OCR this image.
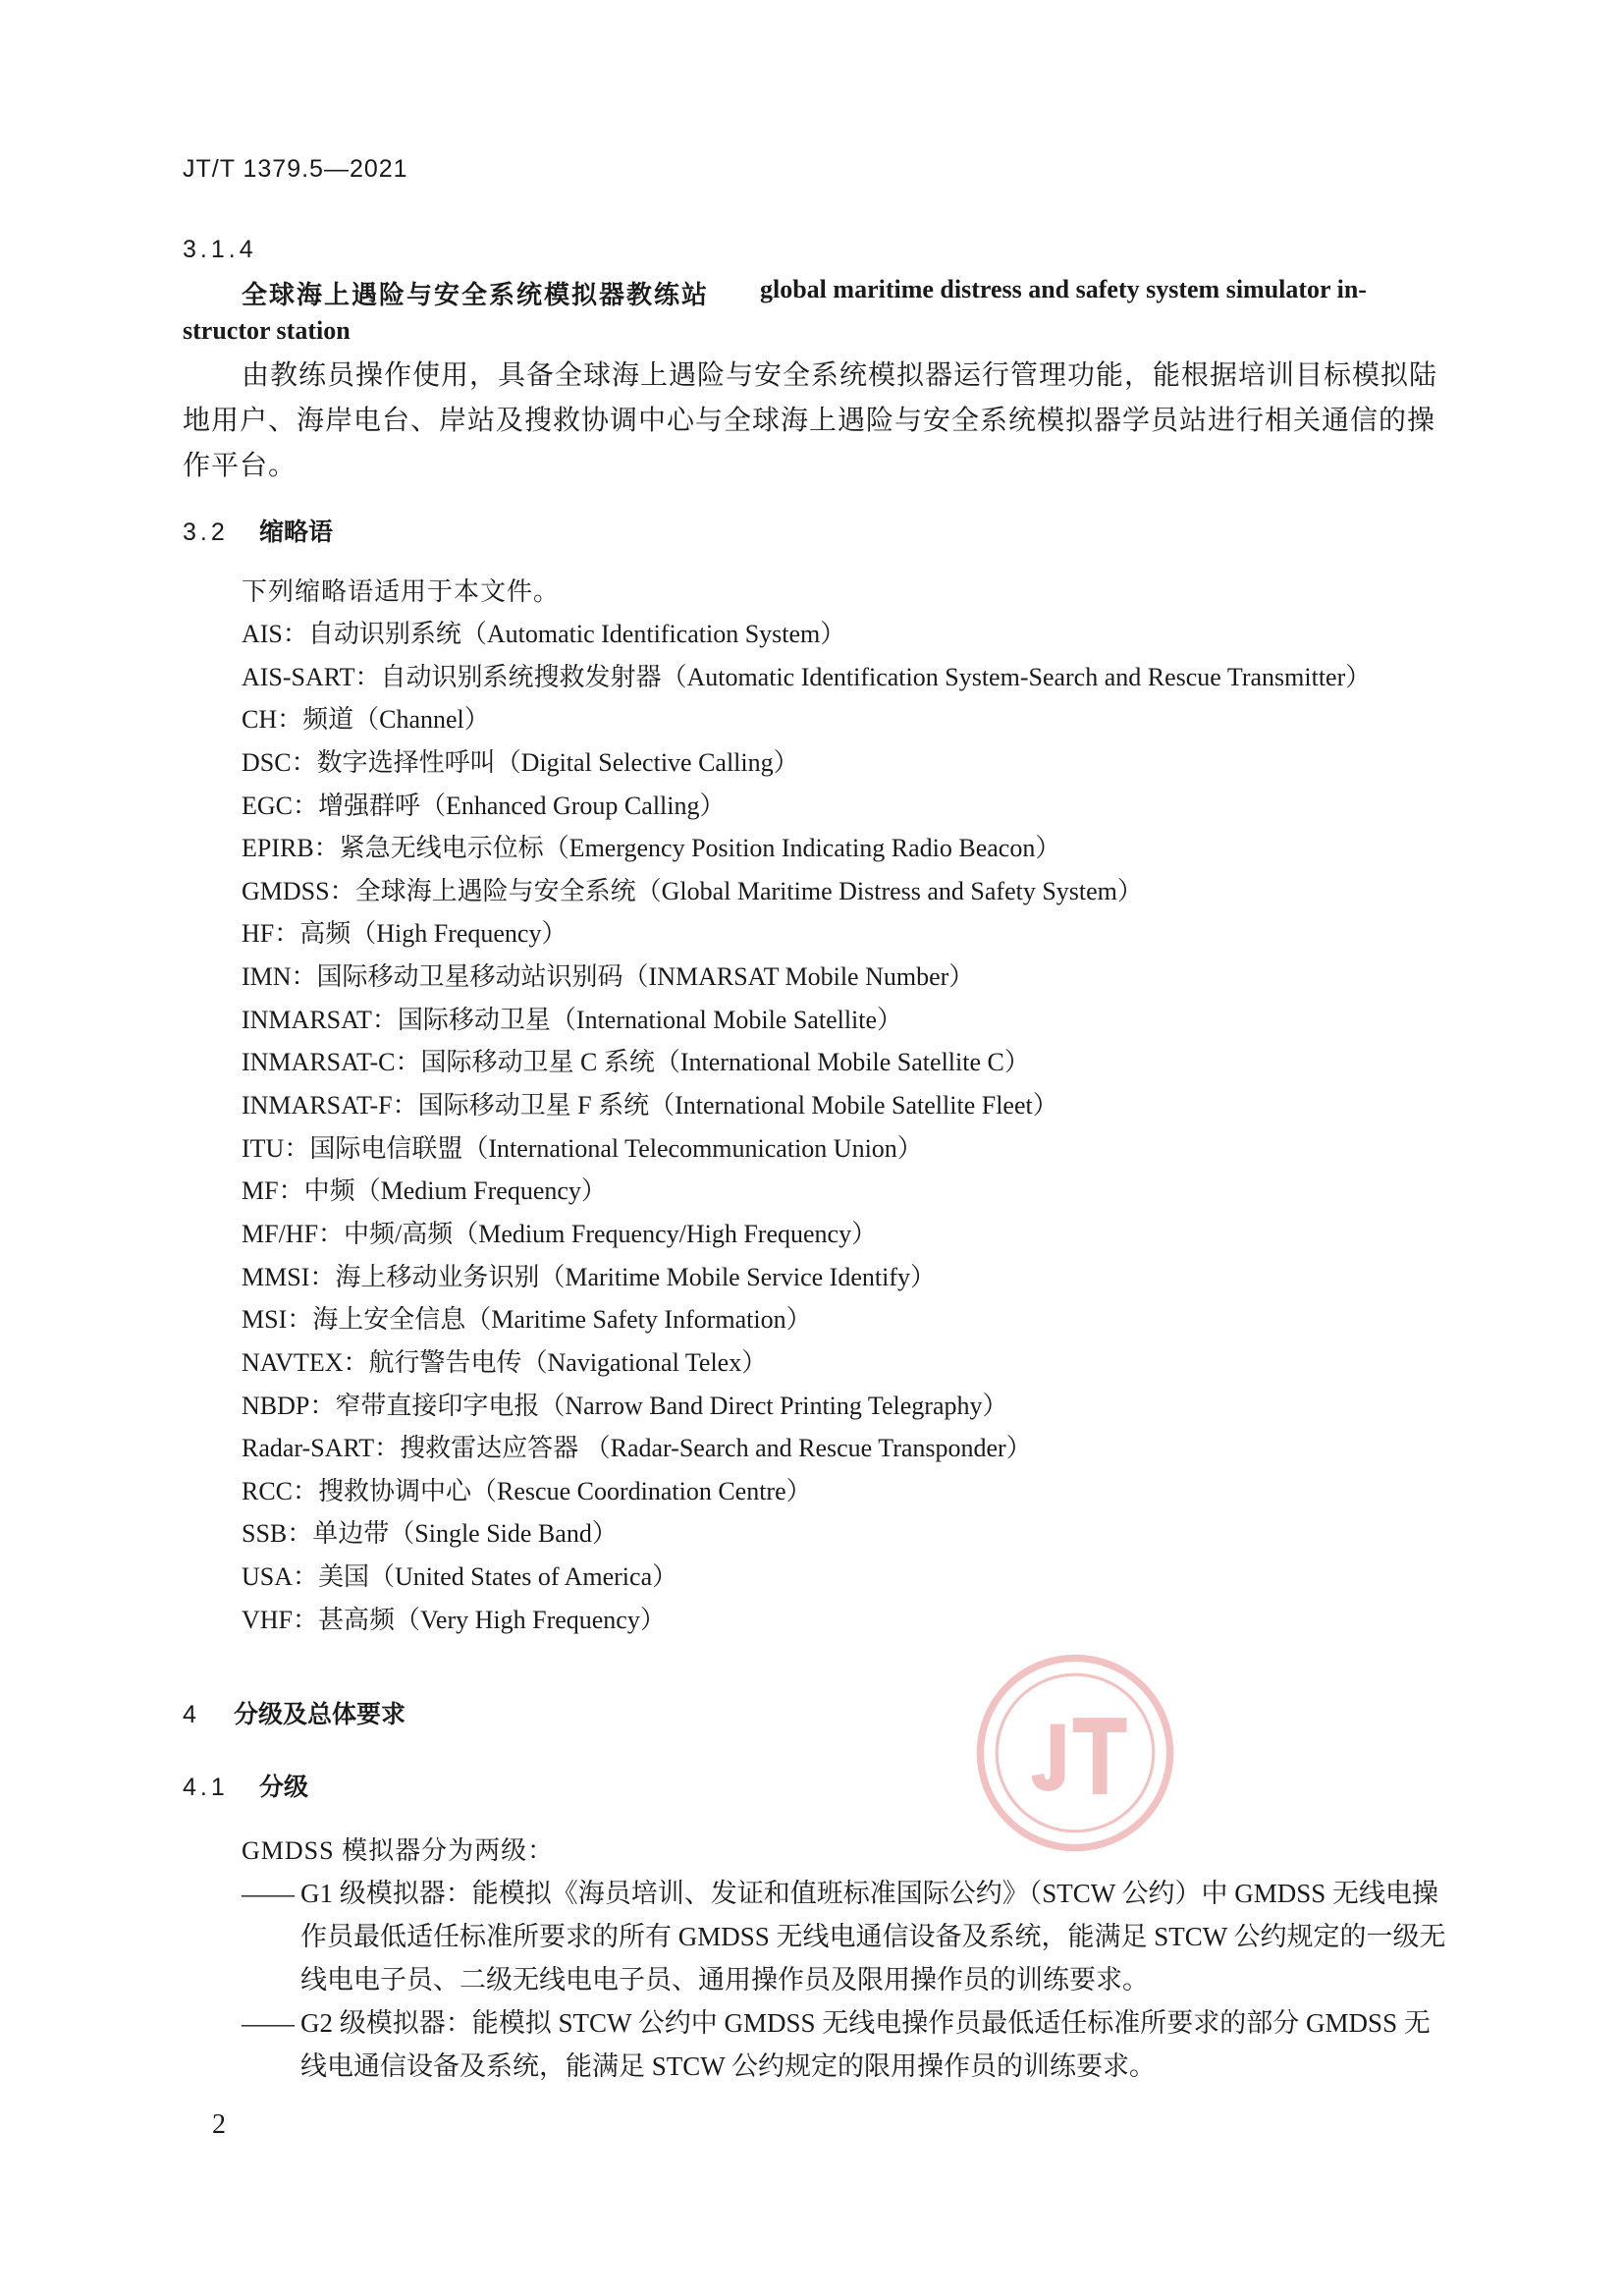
JT/T 1379.5—2021
3.1.4
全球海上遇险与安全系统模拟器教练站 global maritime distress and safety system simulator in-
structor station
由教练员操作使用，具备全球海上遇险与安全系统模拟器运行管理功能，能根据培训目标模拟陆地用户、海岸电台、岸站及搜救协调中心与全球海上遇险与安全系统模拟器学员站进行相关通信的操作平台。
3.2 缩略语
下列缩略语适用于本文件。
AIS：自动识别系统（Automatic Identification System）
AIS-SART：自动识别系统搜救发射器（Automatic Identification System-Search and Rescue Transmitter）
CH：频道（Channel）
DSC：数字选择性呼叫（Digital Selective Calling）
EGC：增强群呼（Enhanced Group Calling）
EPIRB：紧急无线电示位标（Emergency Position Indicating Radio Beacon）
GMDSS：全球海上遇险与安全系统（Global Maritime Distress and Safety System）
HF：高频（High Frequency）
IMN：国际移动卫星移动站识别码（INMARSAT Mobile Number）
INMARSAT：国际移动卫星（International Mobile Satellite）
INMARSAT-C：国际移动卫星 C 系统（International Mobile Satellite C）
INMARSAT-F：国际移动卫星 F 系统（International Mobile Satellite Fleet）
ITU：国际电信联盟（International Telecommunication Union）
MF：中频（Medium Frequency）
MF/HF：中频/高频（Medium Frequency/High Frequency）
MMSI：海上移动业务识别（Maritime Mobile Service Identify）
MSI：海上安全信息（Maritime Safety Information）
NAVTEX：航行警告电传（Navigational Telex）
NBDP：窄带直接印字电报（Narrow Band Direct Printing Telegraphy）
Radar-SART：搜救雷达应答器 （Radar-Search and Rescue Transponder）
RCC：搜救协调中心（Rescue Coordination Centre）
SSB：单边带（Single Side Band）
USA：美国（United States of America）
VHF：甚高频（Very High Frequency）
4 分级及总体要求
4.1 分级
GMDSS 模拟器分为两级：
—— G1 级模拟器：能模拟《海员培训、发证和值班标准国际公约》（STCW 公约）中 GMDSS 无线电操作员最低适任标准所要求的所有 GMDSS 无线电通信设备及系统，能满足 STCW 公约规定的一级无线电电子员、二级无线电电子员、通用操作员及限用操作员的训练要求。
—— G2 级模拟器：能模拟 STCW 公约中 GMDSS 无线电操作员最低适任标准所要求的部分 GMDSS 无线电通信设备及系统，能满足 STCW 公约规定的限用操作员的训练要求。
2
